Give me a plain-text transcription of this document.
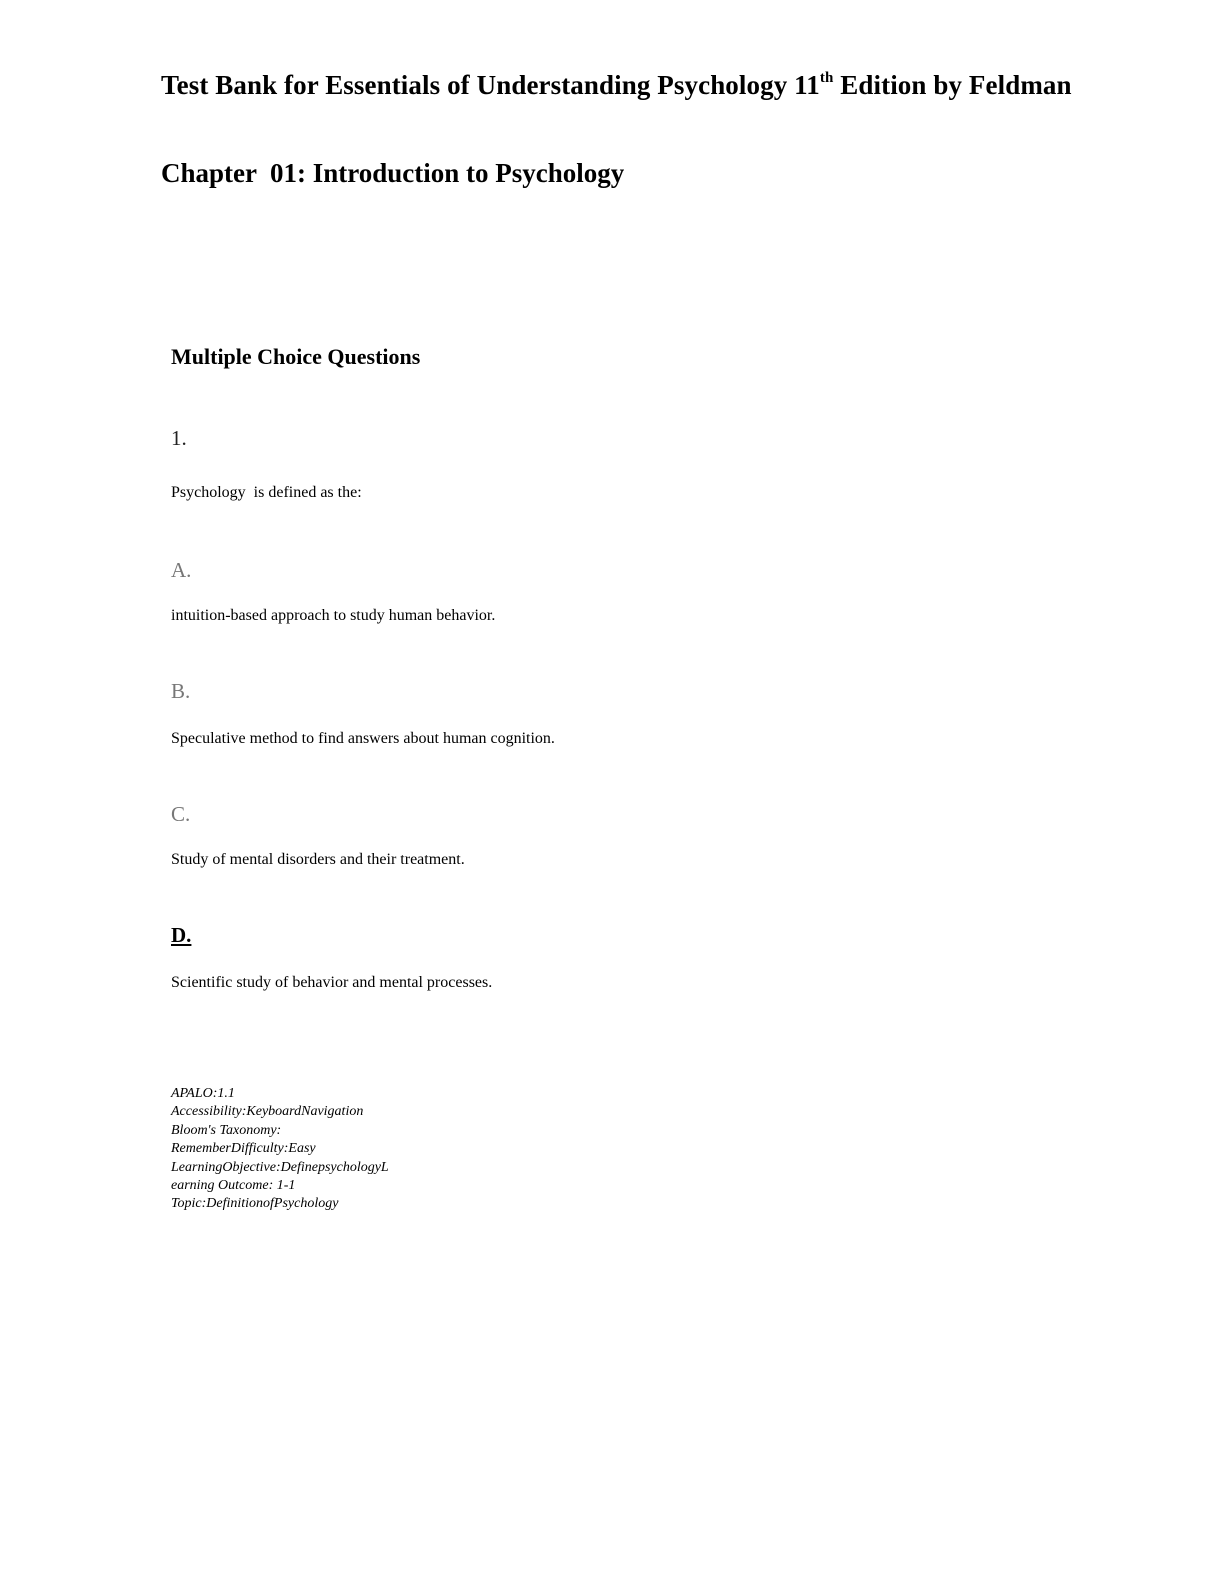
Test Bank for Essentials of Understanding Psychology 11th Edition by Feldman
Chapter  01: Introduction to Psychology
Multiple Choice Questions
1.
Psychology  is defined as the:
A.
intuition-based approach to study human behavior.
B.
Speculative method to find answers about human cognition.
C.
Study of mental disorders and their treatment.
D.
Scientific study of behavior and mental processes.
APALO:1.1
Accessibility:KeyboardNavigation
Bloom's Taxonomy:
RememberDifficulty:Easy
LearningObjective:DefinepsychologyL
earning Outcome: 1-1
Topic:DefinitionofPsychology
